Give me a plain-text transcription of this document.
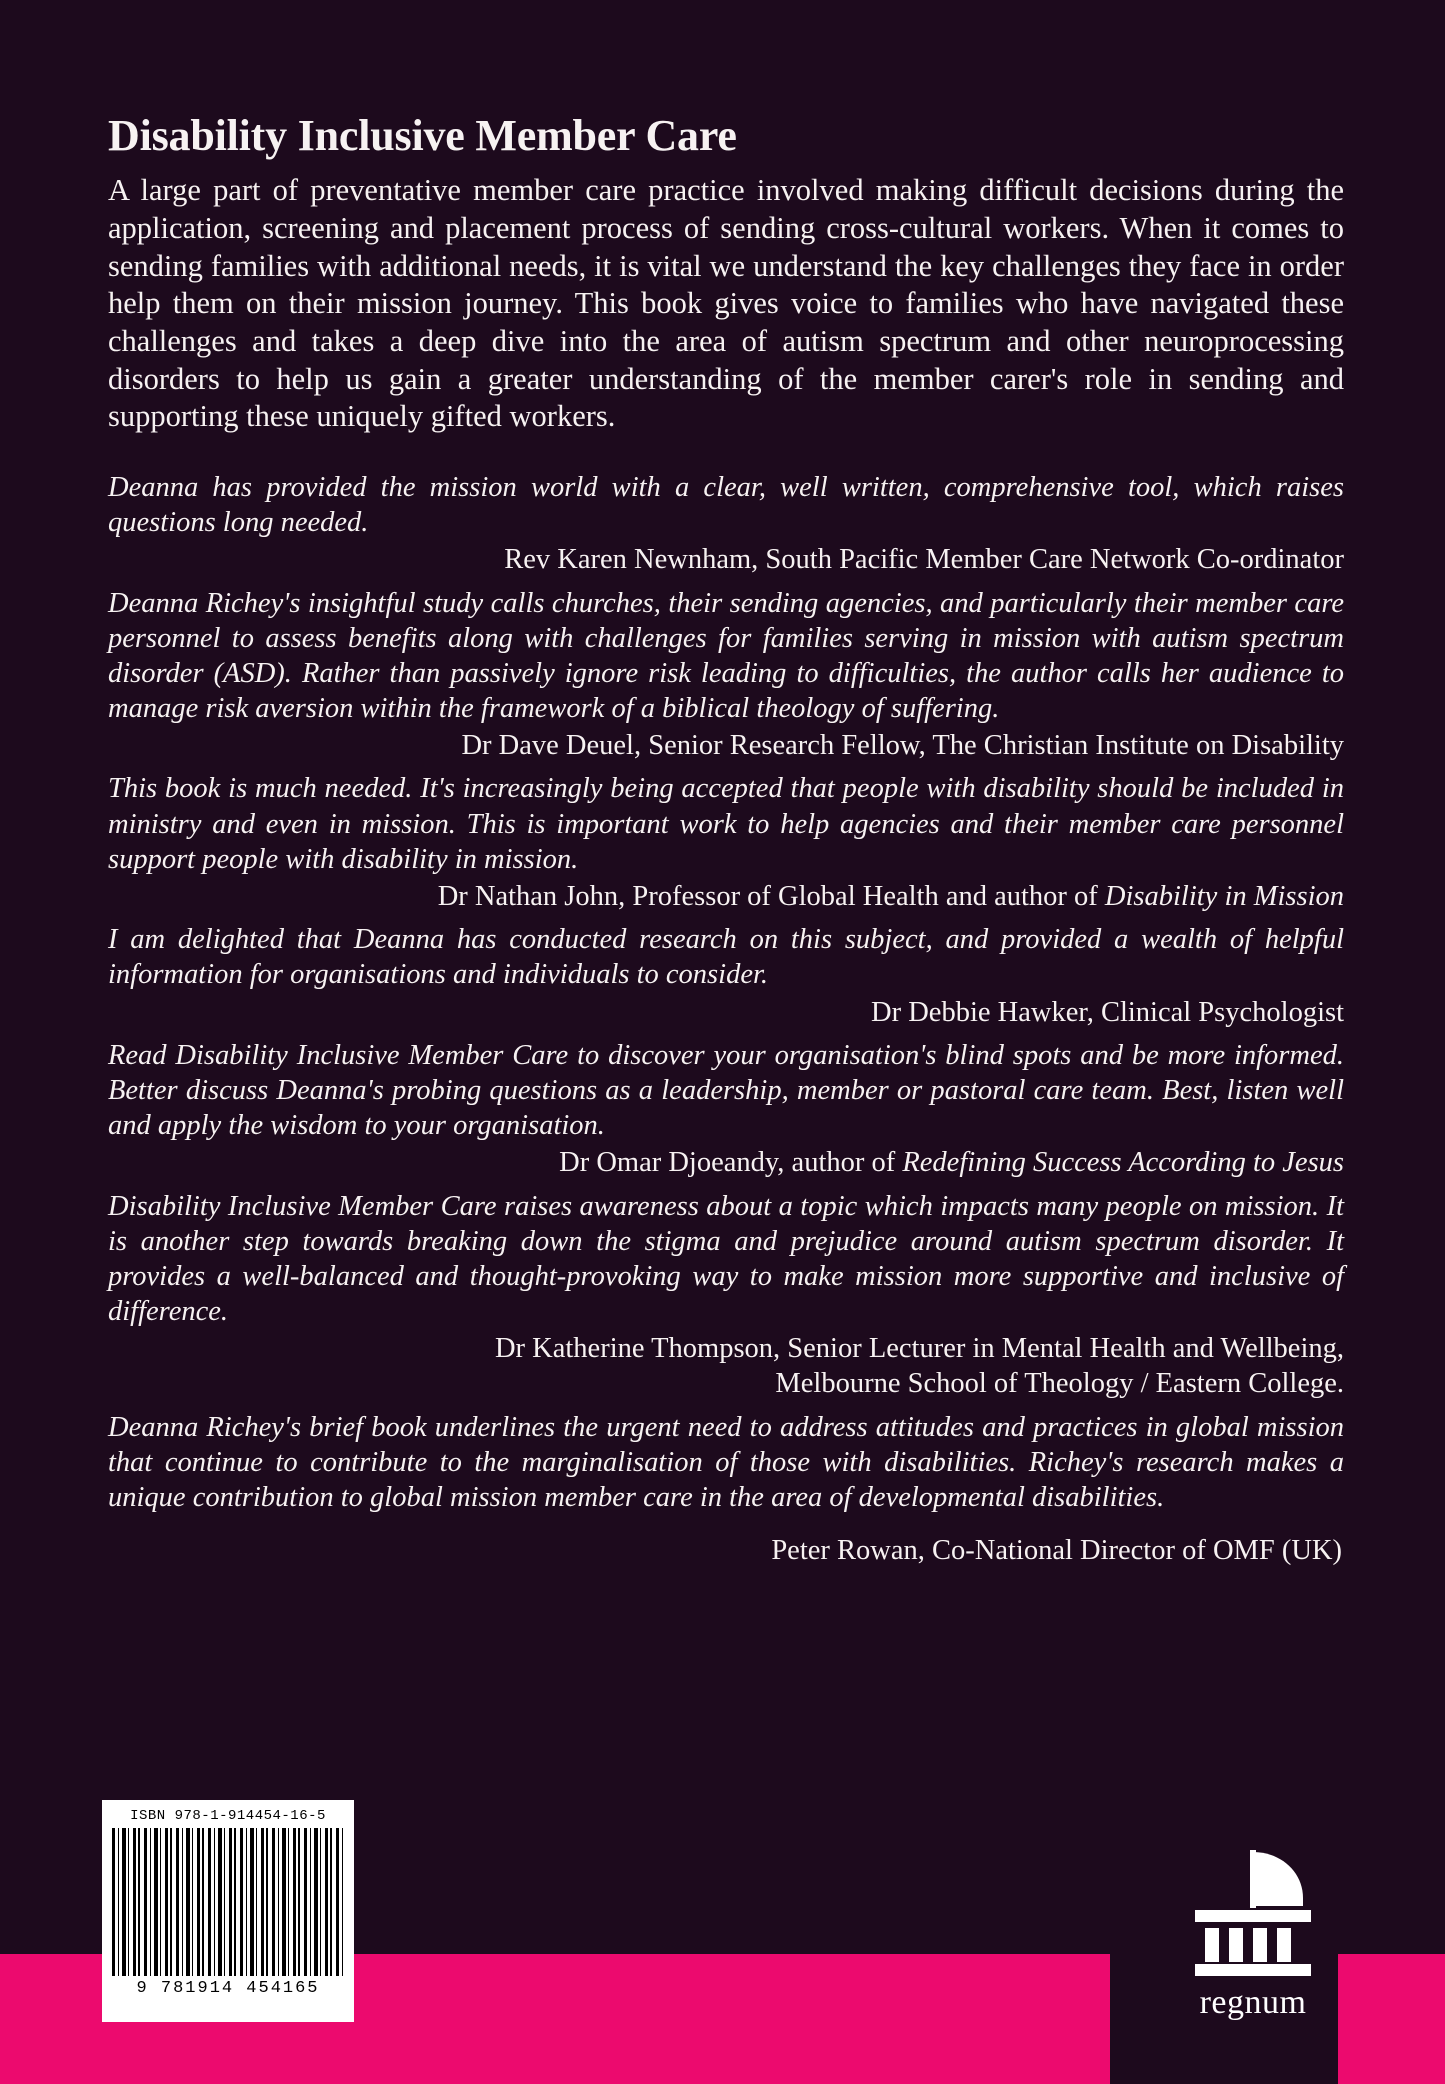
Disability Inclusive Member Care

A large part of preventative member care practice involved making difficult decisions during the application, screening and placement process of sending cross-cultural workers. When it comes to sending families with additional needs, it is vital we understand the key challenges they face in order help them on their mission journey. This book gives voice to families who have navigated these challenges and takes a deep dive into the area of autism spectrum and other neuroprocessing disorders to help us gain a greater understanding of the member carer's role in sending and supporting these uniquely gifted workers.

Deanna has provided the mission world with a clear, well written, comprehensive tool, which raises questions long needed.

Rev Karen Newnham, South Pacific Member Care Network Co-ordinator

Deanna Richey's insightful study calls churches, their sending agencies, and particularly their member care personnel to assess benefits along with challenges for families serving in mission with autism spectrum disorder (ASD). Rather than passively ignore risk leading to difficulties, the author calls her audience to manage risk aversion within the framework of a biblical theology of suffering.

Dr Dave Deuel, Senior Research Fellow, The Christian Institute on Disability

This book is much needed. It's increasingly being accepted that people with disability should be included in ministry and even in mission. This is important work to help agencies and their member care personnel support people with disability in mission.

Dr Nathan John, Professor of Global Health and author of Disability in Mission

I am delighted that Deanna has conducted research on this subject, and provided a wealth of helpful information for organisations and individuals to consider.

Dr Debbie Hawker, Clinical Psychologist

Read Disability Inclusive Member Care to discover your organisation's blind spots and be more informed. Better discuss Deanna's probing questions as a leadership, member or pastoral care team. Best, listen well and apply the wisdom to your organisation.

Dr Omar Djoeandy, author of Redefining Success According to Jesus

Disability Inclusive Member Care raises awareness about a topic which impacts many people on mission. It is another step towards breaking down the stigma and prejudice around autism spectrum disorder. It provides a well-balanced and thought-provoking way to make mission more supportive and inclusive of difference.

Dr Katherine Thompson, Senior Lecturer in Mental Health and Wellbeing,
Melbourne School of Theology / Eastern College.

Deanna Richey's brief book underlines the urgent need to address attitudes and practices in global mission that continue to contribute to the marginalisation of those with disabilities. Richey's research makes a unique contribution to global mission member care in the area of developmental disabilities.

Peter Rowan, Co-National Director of OMF (UK)

ISBN 978-1-914454-16-5
9 781914 454165	regnum
